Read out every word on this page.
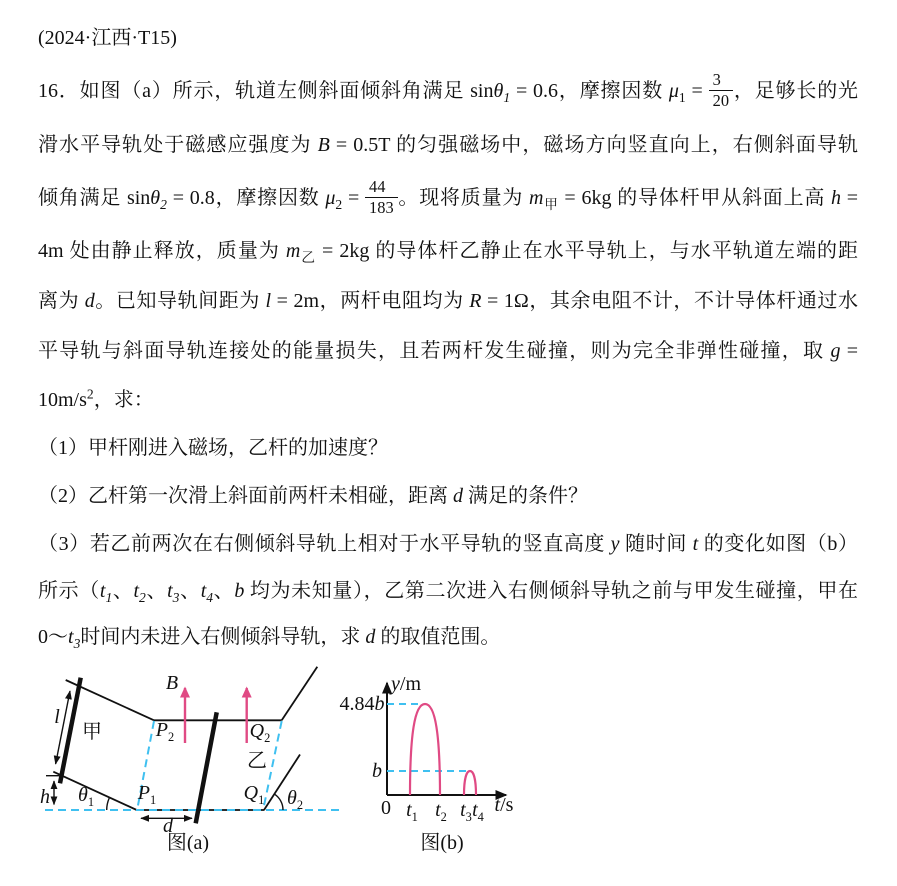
(2024·江西·T15)
16．如图（a）所示，轨道左侧斜面倾斜角满足 sinθ$_1$ = 0.6，摩擦因数 $\mu_1 = \frac{3}{20}$ ，足够长的光
滑水平导轨处于磁感应强度为 B = 0.5T 的匀强磁场中，磁场方向竖直向上，右侧斜面导轨
倾角满足 sinθ$_2$ = 0.8，摩擦因数 $\mu_2 = \frac{44}{183}$ 。现将质量为 $m_甲 = 6kg$ 的导体杆甲从斜面上高 h =
4m 处由静止释放，质量为 $m_乙 = 2kg$ 的导体杆乙静止在水平导轨上，与水平轨道左端的距
离为 d。已知导轨间距为 l = 2m，两杆电阻均为 R = 1Ω，其余电阻不计，不计导体杆通过水
平导轨与斜面导轨连接处的能量损失，且若两杆发生碰撞，则为完全非弹性碰撞，取 g =
$10m/s^2$，求：
（1）甲杆刚进入磁场，乙杆的加速度？
（2）乙杆第一次滑上斜面前两杆未相碰，距离 d 满足的条件？
（3）若乙前两次在右侧倾斜导轨上相对于水平导轨的竖直高度 y 随时间 t 的变化如图（b）
所示（$t_1$、$t_2$、$t_3$、$t_4$、b 均为未知量），乙第二次进入右侧倾斜导轨之前与甲发生碰撞，甲在
$0\sim t_3$时间内未进入右侧倾斜导轨，求 d 的取值范围。
B
l
甲
h $\theta_1$
$P_2$
$P_1$
$Q_2$
乙
$Q_1$ $\theta_2$
d
图(a)
y/m
t/s
4.84b
b
0 $t_1$ $t_2$ $t_3$ $t_4$
图(b)
